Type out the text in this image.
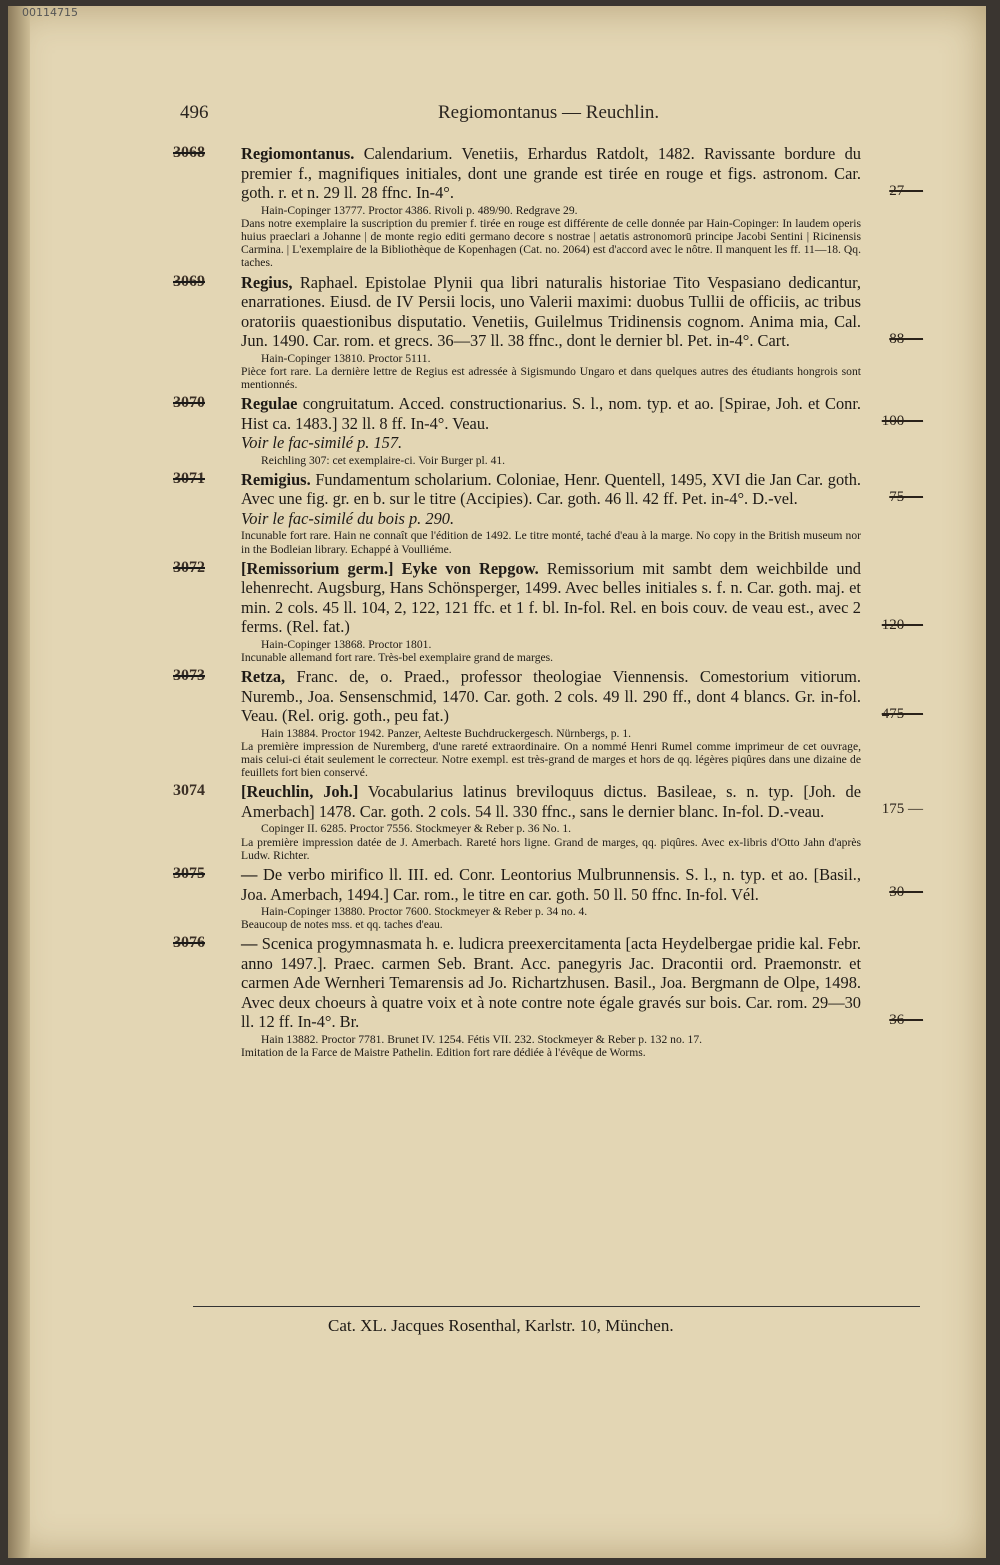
00114715
496	Regiomontanus — Reuchlin.
3068	Regiomontanus. Calendarium. Venetiis, Erhardus Ratdolt, 1482. Ravissante bordure du premier f., magnifiques initiales, dont une grande est tirée en rouge et figs. astronom. Car. goth. r. et n. 29 ll. 28 ffnc. In-4°.
Hain-Copinger 13777. Proctor 4386. Rivoli p. 489/90. Redgrave 29.
Dans notre exemplaire la suscription du premier f. tirée en rouge est différente de celle donnée par Hain-Copinger: In laudem operis huius praeclari a Johanne | de monte regio editi germano decore s nostrae | aetatis astronomorū principe Jacobi Sentini | Ricinensis Carmina. | L'exemplaire de la Bibliothèque de Kopenhagen (Cat. no. 2064) est d'accord avec le nôtre. Il manquent les ff. 11—18. Qq. taches.
27 —
3069	Regius, Raphael. Epistolae Plynii qua libri naturalis historiae Tito Vespasiano dedicantur, enarrationes. Eiusd. de IV Persii locis, uno Valerii maximi: duobus Tullii de officiis, ac tribus oratoriis quaestionibus disputatio. Venetiis, Guilelmus Tridinensis cognom. Anima mia, Cal. Jun. 1490. Car. rom. et grecs. 36—37 ll. 38 ffnc., dont le dernier bl. Pet. in-4°. Cart.
Hain-Copinger 13810. Proctor 5111.
Pièce fort rare. La dernière lettre de Regius est adressée à Sigismundo Ungaro et dans quelques autres des étudiants hongrois sont mentionnés.
88 —
3070	Regulae congruitatum. Acced. constructionarius. S. l., nom. typ. et ao. [Spirae, Joh. et Conr. Hist ca. 1483.] 32 ll. 8 ff. In-4°. Veau.
Voir le fac-similé p. 157.
Reichling 307: cet exemplaire-ci. Voir Burger pl. 41.
100 —
3071	Remigius. Fundamentum scholarium. Coloniae, Henr. Quentell, 1495, XVI die Jan Car. goth. Avec une fig. gr. en b. sur le titre (Accipies). Car. goth. 46 ll. 42 ff. Pet. in-4°. D.-vel.
Voir le fac-similé du bois p. 290.
Incunable fort rare. Hain ne connaît que l'édition de 1492. Le titre monté, taché d'eau à la marge. No copy in the British museum nor in the Bodleian library. Echappé à Voulliéme.
75 —
3072	[Remissorium germ.] Eyke von Repgow. Remissorium mit sambt dem weichbilde und lehenrecht. Augsburg, Hans Schönsperger, 1499. Avec belles initiales s. f. n. Car. goth. maj. et min. 2 cols. 45 ll. 104, 2, 122, 121 ffc. et 1 f. bl. In-fol. Rel. en bois couv. de veau est., avec 2 ferms. (Rel. fat.)
Hain-Copinger 13868. Proctor 1801.
Incunable allemand fort rare. Très-bel exemplaire grand de marges.
120 —
3073	Retza, Franc. de, o. Praed., professor theologiae Viennensis. Comestorium vitiorum. Nuremb., Joa. Sensenschmid, 1470. Car. goth. 2 cols. 49 ll. 290 ff., dont 4 blancs. Gr. in-fol. Veau. (Rel. orig. goth., peu fat.)
Hain 13884. Proctor 1942. Panzer, Aelteste Buchdruckergesch. Nürnbergs, p. 1.
La première impression de Nuremberg, d'une rareté extraordinaire. On a nommé Henri Rumel comme imprimeur de cet ouvrage, mais celui-ci était seulement le correcteur. Notre exempl. est très-grand de marges et hors de qq. légères piqûres dans une dizaine de feuillets fort bien conservé.
475 —
3074	[Reuchlin, Joh.] Vocabularius latinus breviloquus dictus. Basileae, s. n. typ. [Joh. de Amerbach] 1478. Car. goth. 2 cols. 54 ll. 330 ffnc., sans le dernier blanc. In-fol. D.-veau.
Copinger II. 6285. Proctor 7556. Stockmeyer & Reber p. 36 No. 1.
La première impression datée de J. Amerbach. Rareté hors ligne. Grand de marges, qq. piqûres. Avec ex-libris d'Otto Jahn d'après Ludw. Richter.
175 —
3075	— De verbo mirifico ll. III. ed. Conr. Leontorius Mulbrunnensis. S. l., n. typ. et ao. [Basil., Joa. Amerbach, 1494.] Car. rom., le titre en car. goth. 50 ll. 50 ffnc. In-fol. Vél.
Hain-Copinger 13880. Proctor 7600. Stockmeyer & Reber p. 34 no. 4.
Beaucoup de notes mss. et qq. taches d'eau.
30 —
3076	— Scenica progymnasmata h. e. ludicra preexercitamenta [acta Heydelbergae pridie kal. Febr. anno 1497.]. Praec. carmen Seb. Brant. Acc. panegyris Jac. Dracontii ord. Praemonstr. et carmen Ade Wernheri Temarensis ad Jo. Richartzhusen. Basil., Joa. Bergmann de Olpe, 1498. Avec deux choeurs à quatre voix et à note contre note égale gravés sur bois. Car. rom. 29—30 ll. 12 ff. In-4°. Br.
Hain 13882. Proctor 7781. Brunet IV. 1254. Fétis VII. 232. Stockmeyer & Reber p. 132 no. 17.
Imitation de la Farce de Maistre Pathelin. Edition fort rare dédiée à l'évêque de Worms.
36 —
Cat. XL. Jacques Rosenthal, Karlstr. 10, München.
